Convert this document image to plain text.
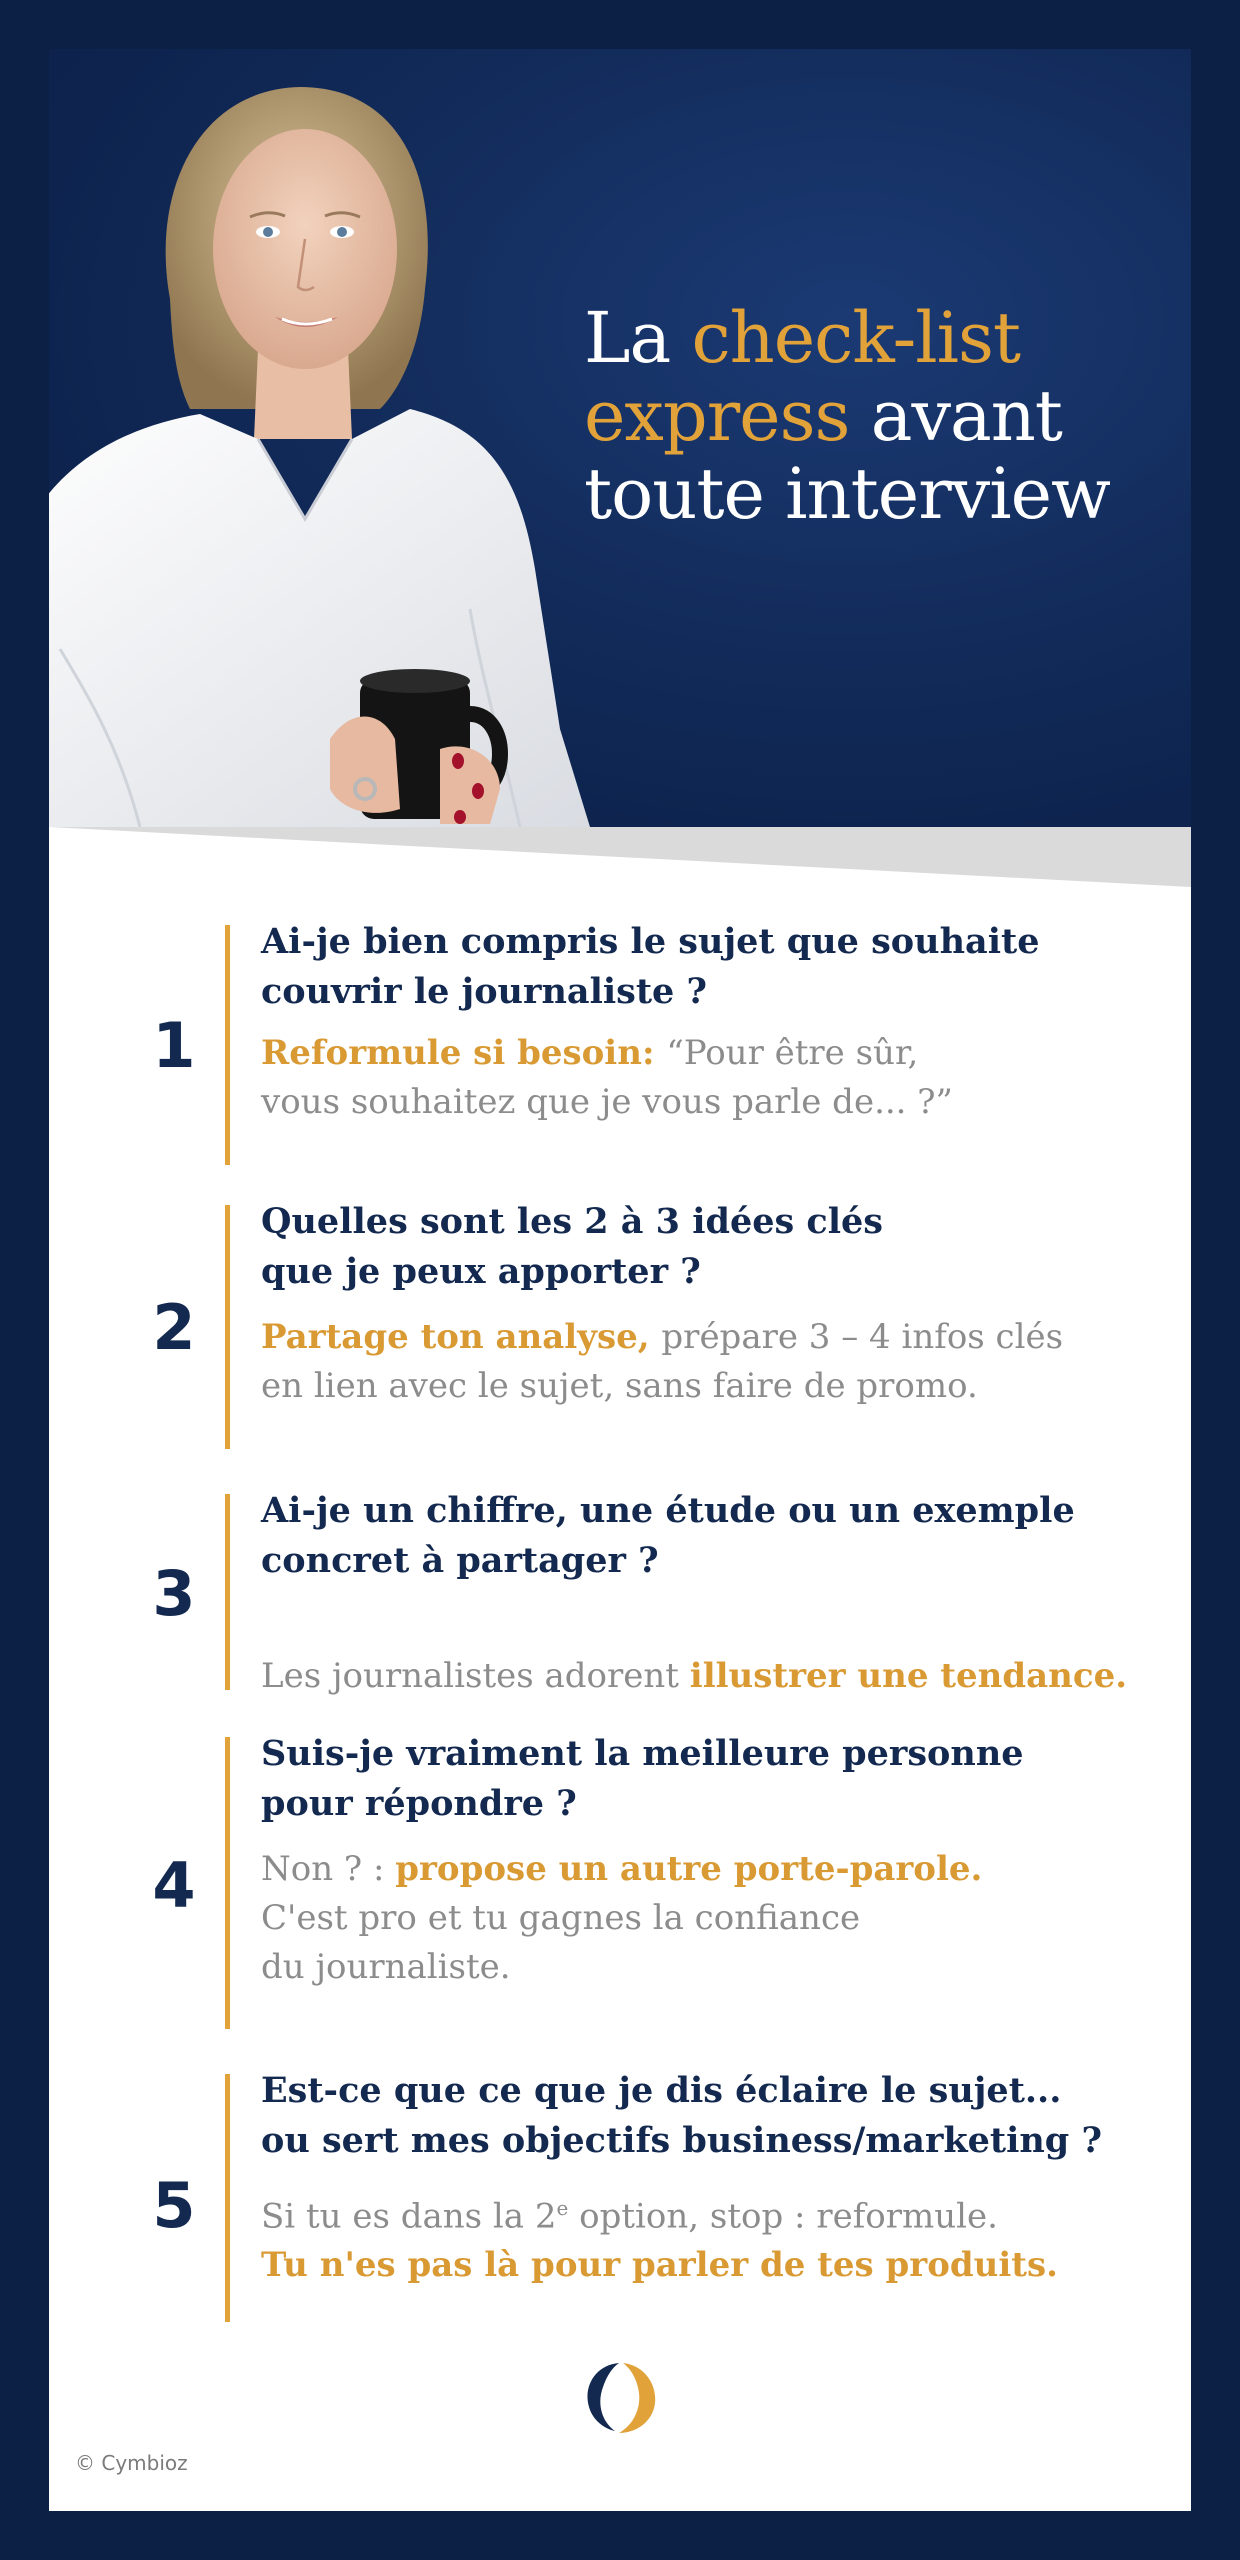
La check-list
express avant
toute interview
1
Ai-je bien compris le sujet que souhaite
couvrir le journaliste ?
Reformule si besoin: “Pour être sûr,
vous souhaitez que je vous parle de... ?”
2
Quelles sont les 2 à 3 idées clés
que je peux apporter ?
Partage ton analyse, prépare 3 – 4 infos clés
en lien avec le sujet, sans faire de promo.
3
Ai-je un chiffre, une étude ou un exemple
concret à partager ?
Les journalistes adorent illustrer une tendance.
4
Suis-je vraiment la meilleure personne
pour répondre ?
Non ? : propose un autre porte-parole.
C'est pro et tu gagnes la confiance
du journaliste.
5
Est-ce que ce que je dis éclaire le sujet...
ou sert mes objectifs business/marketing ?
Si tu es dans la 2e option, stop : reformule.
Tu n'es pas là pour parler de tes produits.
© Cymbioz
